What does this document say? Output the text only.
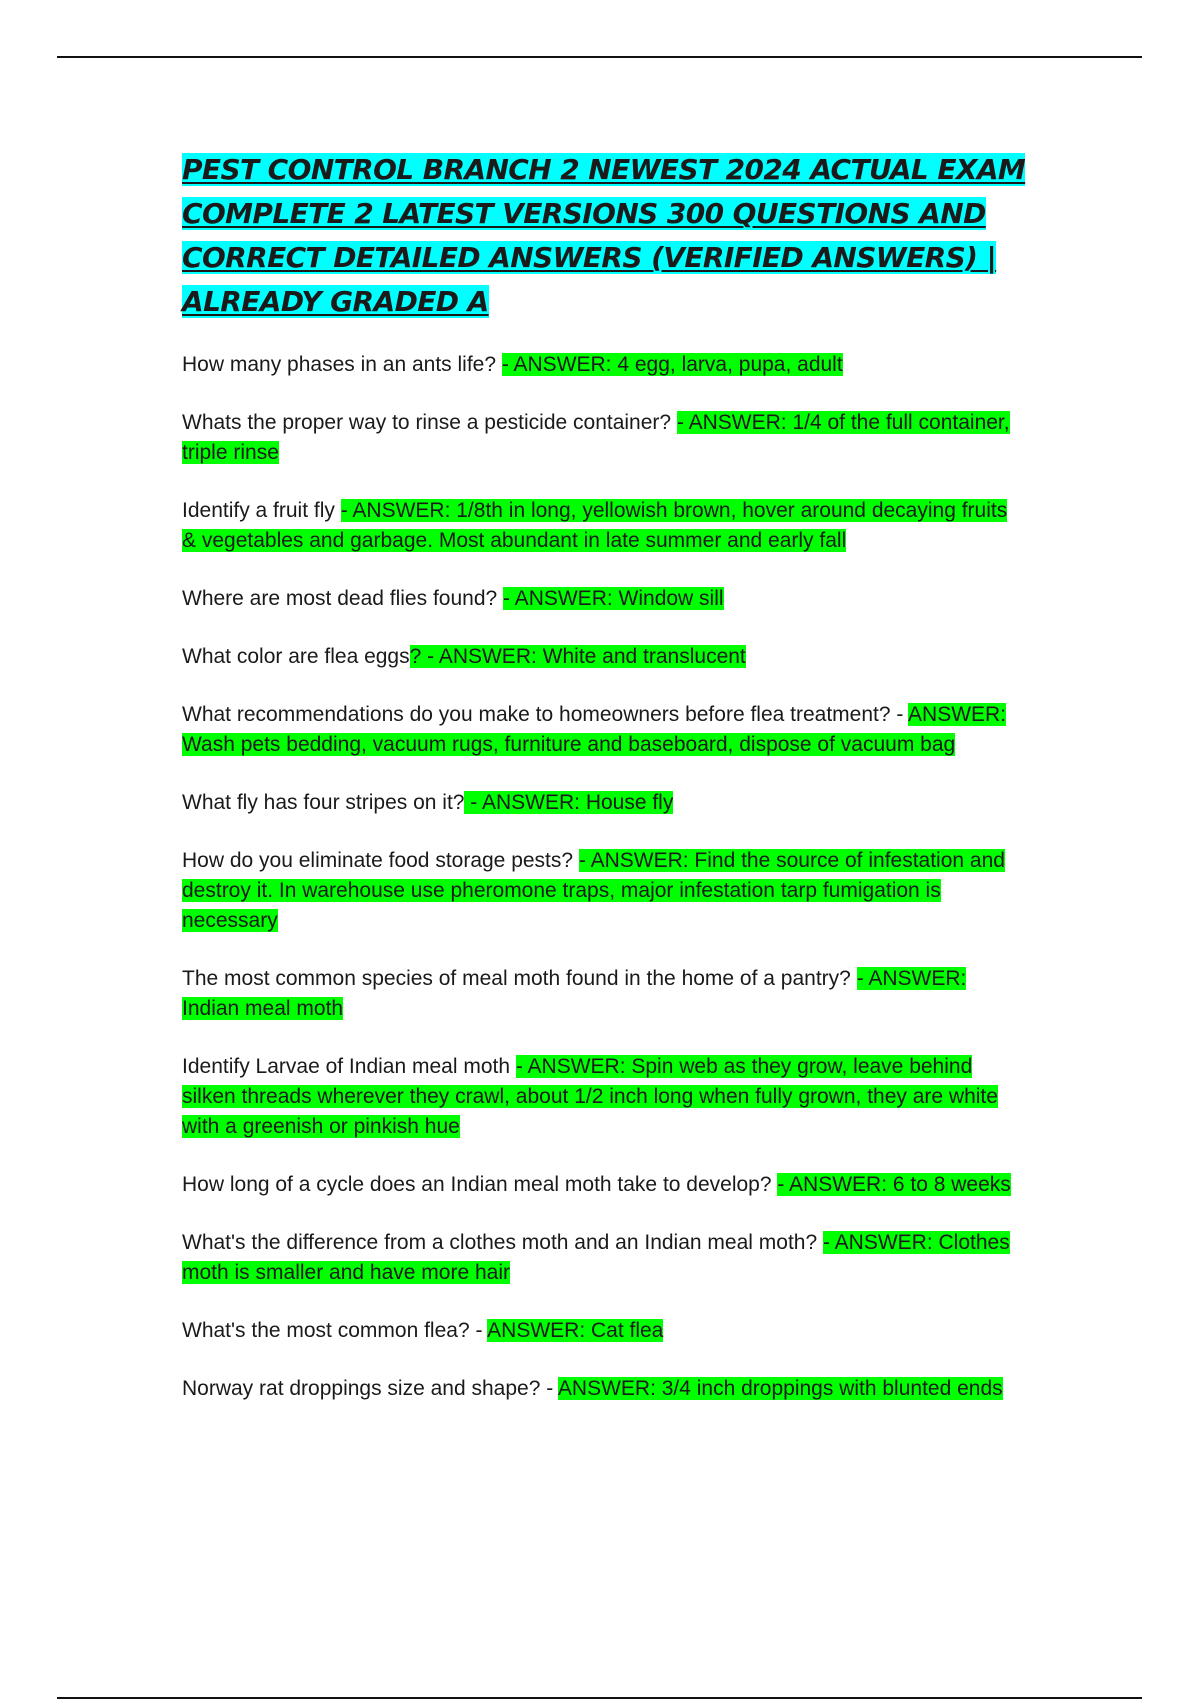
PEST CONTROL BRANCH 2 NEWEST 2024 ACTUAL EXAM COMPLETE 2 LATEST VERSIONS 300 QUESTIONS AND CORRECT DETAILED ANSWERS (VERIFIED ANSWERS) | ALREADY GRADED A

How many phases in an ants life? - ANSWER: 4 egg, larva, pupa, adult

Whats the proper way to rinse a pesticide container? - ANSWER: 1/4 of the full container, triple rinse

Identify a fruit fly - ANSWER: 1/8th in long, yellowish brown, hover around decaying fruits & vegetables and garbage. Most abundant in late summer and early fall

Where are most dead flies found? - ANSWER: Window sill

What color are flea eggs? - ANSWER: White and translucent

What recommendations do you make to homeowners before flea treatment? - ANSWER: Wash pets bedding, vacuum rugs, furniture and baseboard, dispose of vacuum bag

What fly has four stripes on it? - ANSWER: House fly

How do you eliminate food storage pests? - ANSWER: Find the source of infestation and destroy it. In warehouse use pheromone traps, major infestation tarp fumigation is necessary

The most common species of meal moth found in the home of a pantry? - ANSWER: Indian meal moth

Identify Larvae of Indian meal moth - ANSWER: Spin web as they grow, leave behind silken threads wherever they crawl, about 1/2 inch long when fully grown, they are white with a greenish or pinkish hue

How long of a cycle does an Indian meal moth take to develop? - ANSWER: 6 to 8 weeks

What's the difference from a clothes moth and an Indian meal moth? - ANSWER: Clothes moth is smaller and have more hair

What's the most common flea? - ANSWER: Cat flea

Norway rat droppings size and shape? - ANSWER: 3/4 inch droppings with blunted ends
